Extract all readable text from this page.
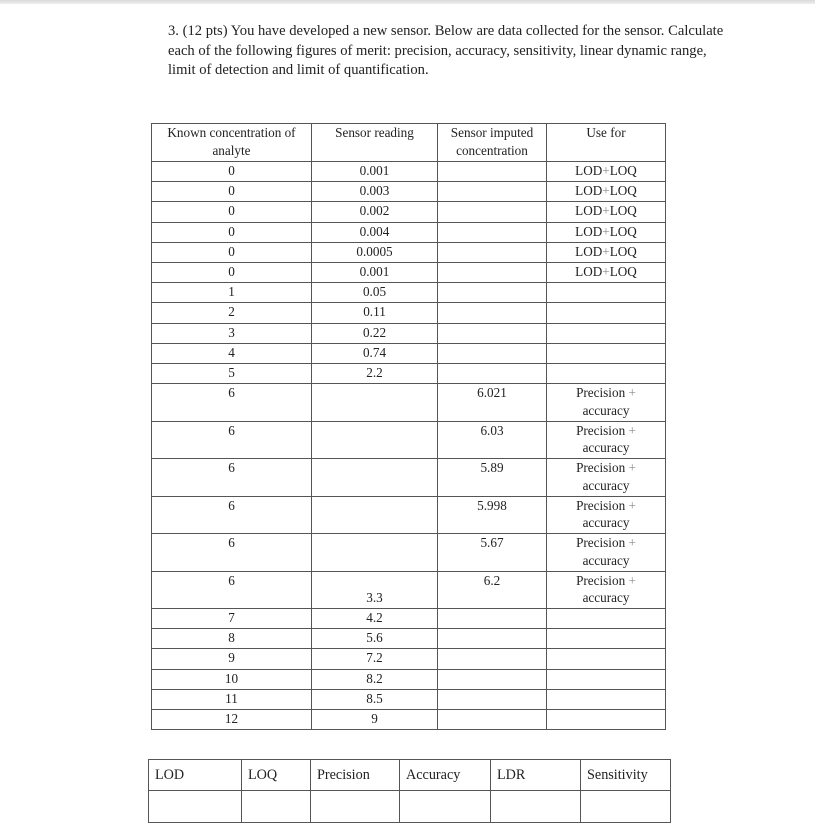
3. (12 pts) You have developed a new sensor. Below are data collected for the sensor. Calculate each of the following figures of merit: precision, accuracy, sensitivity, linear dynamic range, limit of detection and limit of quantification.
Known concentration of analyte	Sensor reading	Sensor imputed concentration	Use for
0	0.001		LOD+LOQ
0	0.003		LOD+LOQ
0	0.002		LOD+LOQ
0	0.004		LOD+LOQ
0	0.0005		LOD+LOQ
0	0.001		LOD+LOQ
1	0.05		
2	0.11		
3	0.22		
4	0.74		
5	2.2		
6		6.021	Precision +
accuracy
6		6.03	Precision +
accuracy
6		5.89	Precision +
accuracy
6		5.998	Precision +
accuracy
6		5.67	Precision +
accuracy
6	3.3	6.2	Precision +
accuracy
7	4.2		
8	5.6		
9	7.2		
10	8.2		
11	8.5		
12	9		
LOD	LOQ	Precision	Accuracy	LDR	Sensitivity
